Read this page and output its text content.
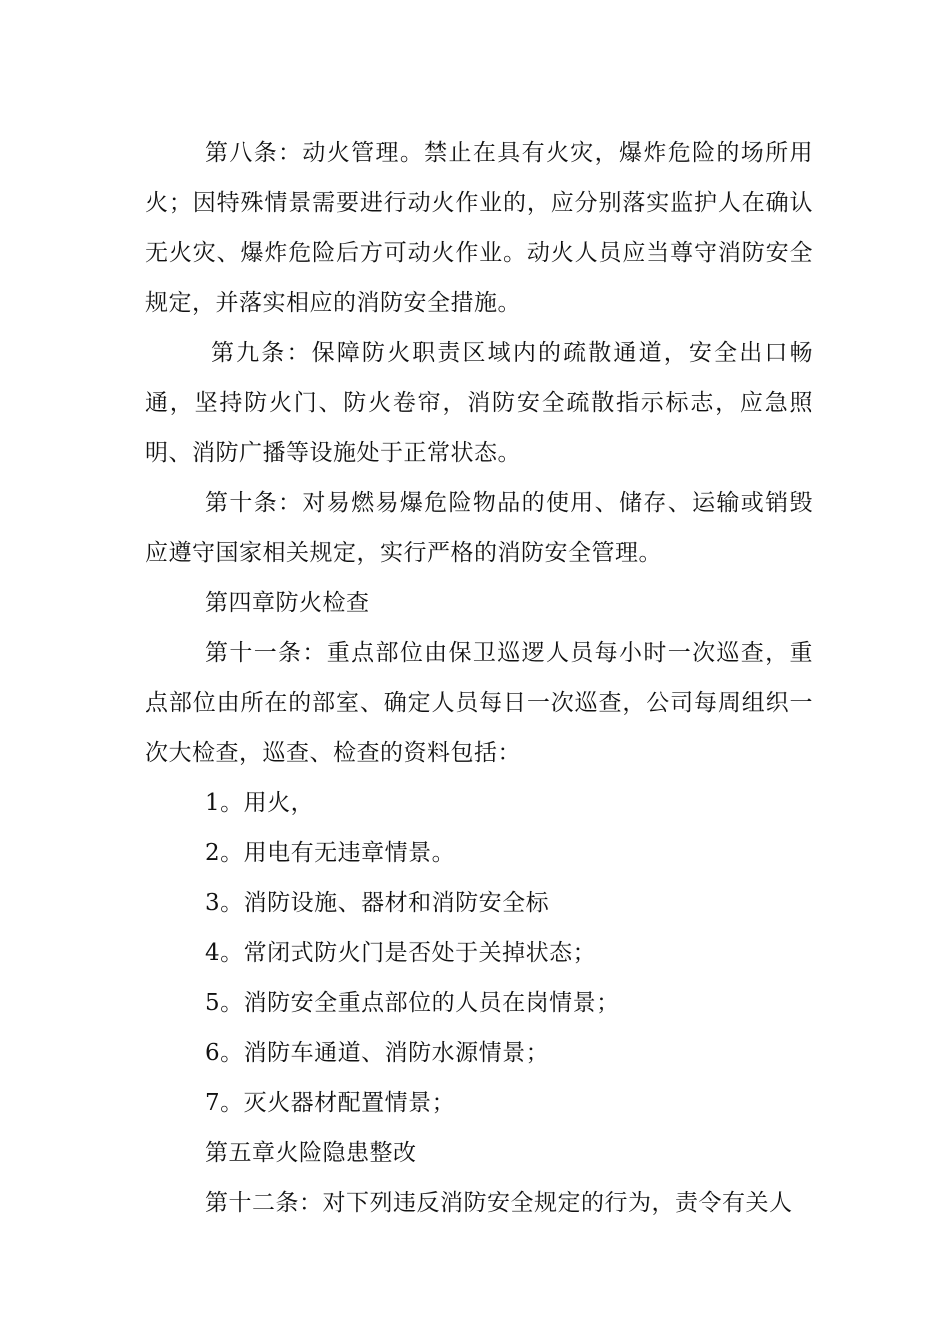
第八条：动火管理。禁止在具有火灾，爆炸危险的场所用火；因特殊情景需要进行动火作业的，应分别落实监护人在确认无火灾、爆炸危险后方可动火作业。动火人员应当尊守消防安全规定，并落实相应的消防安全措施。

第九条：保障防火职责区域内的疏散通道，安全出口畅通，坚持防火门、防火卷帘，消防安全疏散指示标志，应急照明、消防广播等设施处于正常状态。

第十条：对易燃易爆危险物品的使用、储存、运输或销毁应遵守国家相关规定，实行严格的消防安全管理。

第四章防火检查

第十一条：重点部位由保卫巡逻人员每小时一次巡查，重点部位由所在的部室、确定人员每日一次巡查，公司每周组织一次大检查，巡查、检查的资料包括：

1。用火，

2。用电有无违章情景。

3。消防设施、器材和消防安全标

4。常闭式防火门是否处于关掉状态；

5。消防安全重点部位的人员在岗情景；

6。消防车通道、消防水源情景；

7。灭火器材配置情景；

第五章火险隐患整改

第十二条：对下列违反消防安全规定的行为，责令有关人
